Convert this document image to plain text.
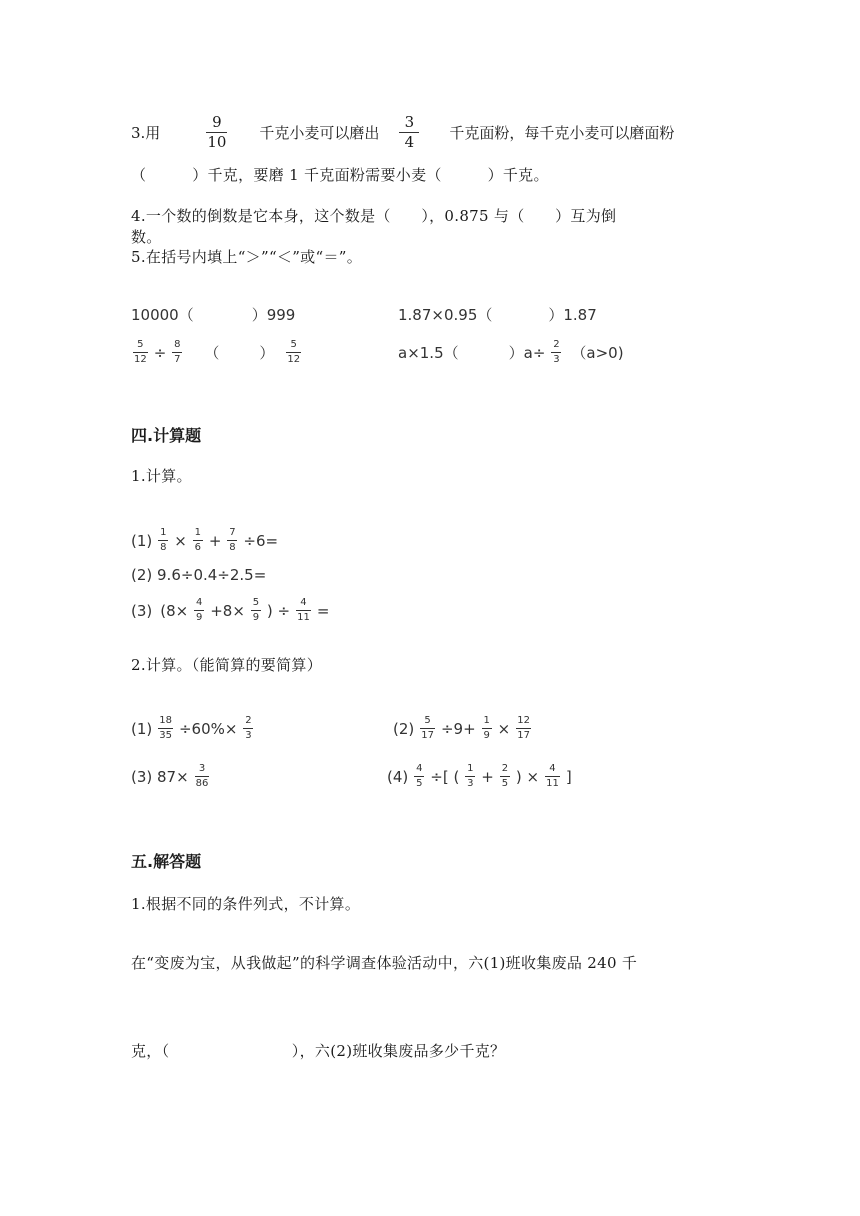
3.用	$\frac{9}{10}$ 千克小麦可以磨出 $\frac{3}{4}$ 千克面粉，每千克小麦可以磨面粉
（　　　）千克，要磨 1 千克面粉需要小麦（　　　）千克。
4.一个数的倒数是它本身，这个数是（　　），0.875 与（　　）互为倒
数。
5.在括号内填上“＞”“＜”或“＝”。
10000（	）999	1.87×0.95（	）1.87
$\frac{5}{12} \div \frac{8}{7}$ （	） $\frac{5}{12}$	a×1.5（	）$a\div \frac{2}{3} (a>0)$
四.计算题
1.计算。
$(1) \frac{1}{8} \times \frac{1}{6} + \frac{7}{8} \div 6=$
(2) 9.6÷0.4÷2.5=
(3) ($8\times \frac{4}{9} +8\times \frac{5}{9}$ ) ÷ $\frac{4}{11}$ =
2.计算。（能简算的要简算）
$(1) \frac{18}{35} \div 60\%\times \frac{2}{3}$	$(2) \frac{5}{17} \div 9+ \frac{1}{9} \times \frac{12}{17}$
(3) $87\times \frac{3}{86}$	$(4) \frac{4}{5}$ ÷[ ( $\frac{1}{3} + \frac{2}{5}$ ) × $\frac{4}{11}$ ]
五.解答题
1.根据不同的条件列式，不计算。
在“变废为宝，从我做起”的科学调查体验活动中，六(1)班收集废品 240 千
克，（　　　　　　　　），六(2)班收集废品多少千克？
